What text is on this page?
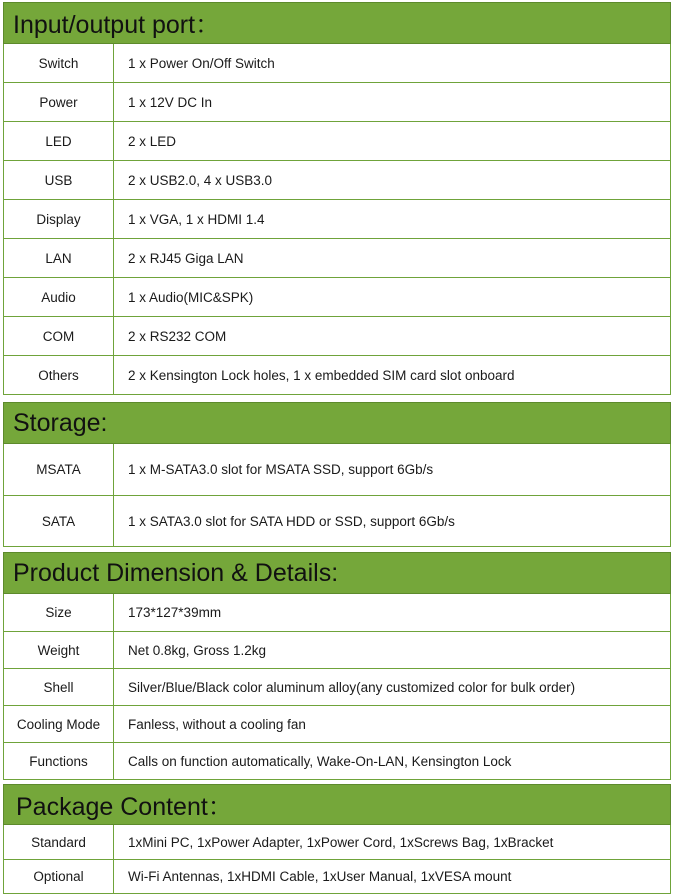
Input/output port：
Switch	1 x Power On/Off Switch
Power	1 x 12V DC In
LED	2 x LED
USB	2 x USB2.0, 4 x USB3.0
Display	1 x VGA, 1 x HDMI 1.4
LAN	2 x RJ45 Giga LAN
Audio	1 x Audio(MIC&SPK)
COM	2 x RS232 COM
Others	2 x Kensington Lock holes, 1 x embedded SIM card slot onboard
Storage:
MSATA	1 x M-SATA3.0 slot for MSATA SSD, support 6Gb/s
SATA	1 x SATA3.0 slot for SATA HDD or SSD, support 6Gb/s
Product Dimension & Details:
Size	173*127*39mm
Weight	Net 0.8kg, Gross 1.2kg
Shell	Silver/Blue/Black color aluminum alloy(any customized color for bulk order)
Cooling Mode	Fanless, without a cooling fan
Functions	Calls on function automatically, Wake-On-LAN, Kensington Lock
Package Content：
Standard	1xMini PC, 1xPower Adapter, 1xPower Cord, 1xScrews Bag, 1xBracket
Optional	Wi-Fi Antennas, 1xHDMI Cable, 1xUser Manual, 1xVESA mount
